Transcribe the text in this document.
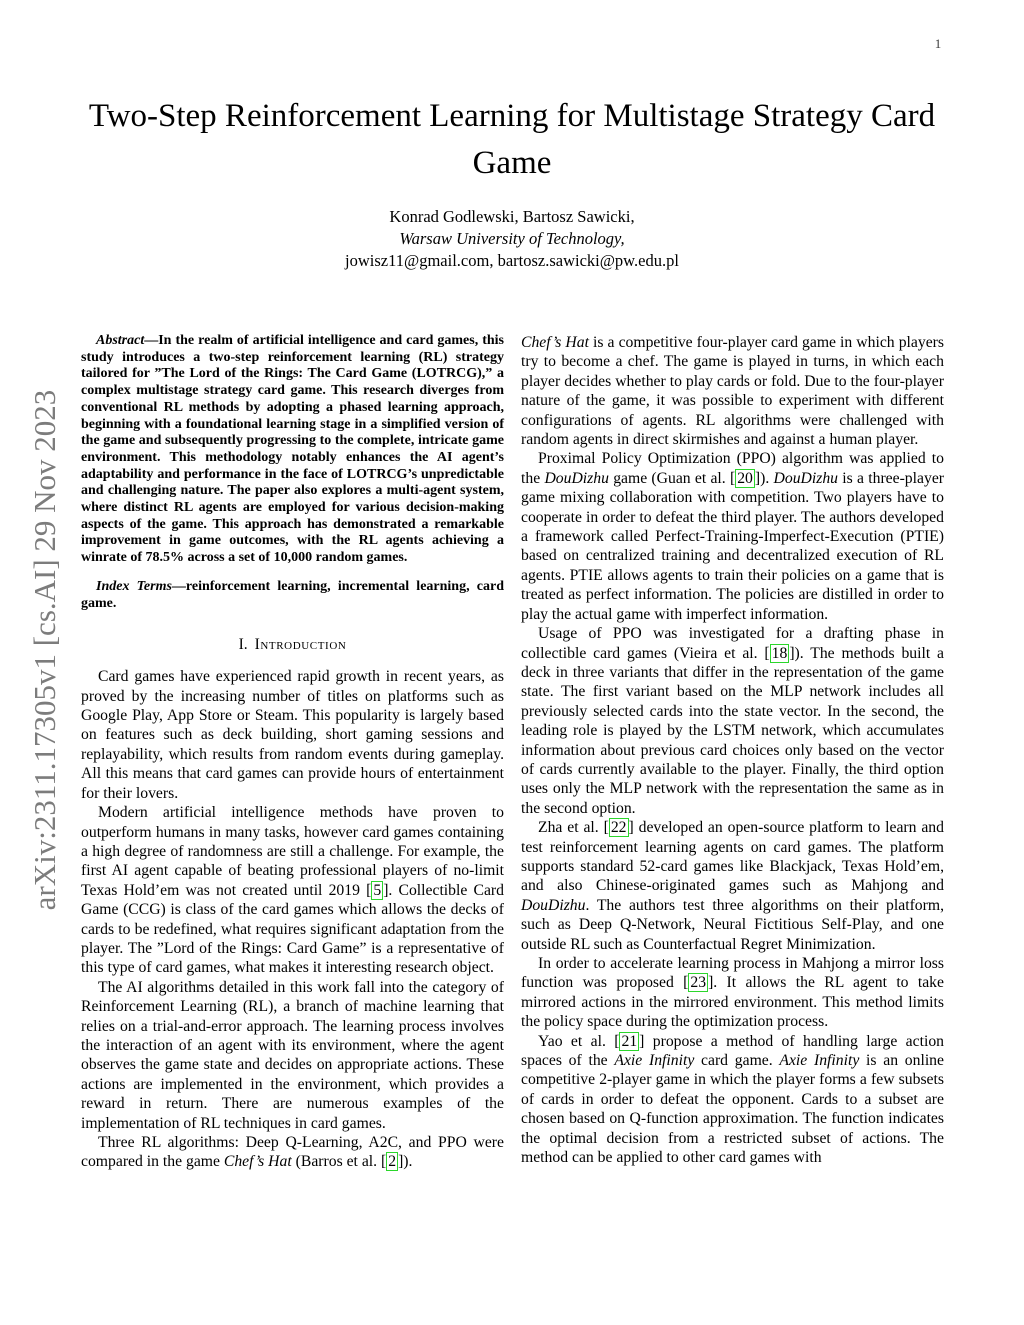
1
arXiv:2311.17305v1 [cs.AI] 29 Nov 2023
Two-Step Reinforcement Learning for Multistage Strategy Card Game
Konrad Godlewski, Bartosz Sawicki,
Warsaw University of Technology,
jowisz11@gmail.com, bartosz.sawicki@pw.edu.pl

Abstract—In the realm of artificial intelligence and card games, this study introduces a two-step reinforcement learning (RL) strategy tailored for ”The Lord of the Rings: The Card Game (LOTRCG),” a complex multistage strategy card game. This research diverges from conventional RL methods by adopting a phased learning approach, beginning with a foundational learning stage in a simplified version of the game and subsequently progressing to the complete, intricate game environment. This methodology notably enhances the AI agent’s adaptability and performance in the face of LOTRCG’s unpredictable and challenging nature. The paper also explores a multi-agent system, where distinct RL agents are employed for various decision-making aspects of the game. This approach has demonstrated a remarkable improvement in game outcomes, with the RL agents achieving a winrate of 78.5% across a set of 10,000 random games.

Index Terms—reinforcement learning, incremental learning, card game.

I. Introduction

Card games have experienced rapid growth in recent years, as proved by the increasing number of titles on platforms such as Google Play, App Store or Steam. This popularity is largely based on features such as deck building, short gaming sessions and replayability, which results from random events during gameplay. All this means that card games can provide hours of entertainment for their lovers.

Modern artificial intelligence methods have proven to outperform humans in many tasks, however card games containing a high degree of randomness are still a challenge. For example, the first AI agent capable of beating professional players of no-limit Texas Hold’em was not created until 2019 [ 5 ]. Collectible Card Game (CCG) is class of the card games which allows the decks of cards to be redefined, what requires significant adaptation from the player. The ”Lord of the Rings: Card Game” is a representative of this type of card games, what makes it interesting research object.

The AI algorithms detailed in this work fall into the category of Reinforcement Learning (RL), a branch of machine learning that relies on a trial-and-error approach. The learning process involves the interaction of an agent with its environment, where the agent observes the game state and decides on appropriate actions. These actions are implemented in the environment, which provides a reward in return. There are numerous examples of the implementation of RL techniques in card games.

Three RL algorithms: Deep Q-Learning, A2C, and PPO were compared in the game Chef’s Hat (Barros et al. [ 2 ]).

Chef’s Hat is a competitive four-player card game in which players try to become a chef. The game is played in turns, in which each player decides whether to play cards or fold. Due to the four-player nature of the game, it was possible to experiment with different configurations of agents. RL algorithms were challenged with random agents in direct skirmishes and against a human player.

Proximal Policy Optimization (PPO) algorithm was applied to the DouDizhu game (Guan et al. [ 20 ]). DouDizhu is a three-player game mixing collaboration with competition. Two players have to cooperate in order to defeat the third player. The authors developed a framework called Perfect-Training-Imperfect-Execution (PTIE) based on centralized training and decentralized execution of RL agents. PTIE allows agents to train their policies on a game that is treated as perfect information. The policies are distilled in order to play the actual game with imperfect information.

Usage of PPO was investigated for a drafting phase in collectible card games (Vieira et al. [ 18 ]). The methods built a deck in three variants that differ in the representation of the game state. The first variant based on the MLP network includes all previously selected cards into the state vector. In the second, the leading role is played by the LSTM network, which accumulates information about previous card choices only based on the vector of cards currently available to the player. Finally, the third option uses only the MLP network with the representation the same as in the second option.

Zha et al. [ 22 ] developed an open-source platform to learn and test reinforcement learning agents on card games. The platform supports standard 52-card games like Blackjack, Texas Hold’em, and also Chinese-originated games such as Mahjong and DouDizhu. The authors test three algorithms on their platform, such as Deep Q-Network, Neural Fictitious Self-Play, and one outside RL such as Counterfactual Regret Minimization.

In order to accelerate learning process in Mahjong a mirror loss function was proposed [ 23 ]. It allows the RL agent to take mirrored actions in the mirrored environment. This method limits the policy space during the optimization process.

Yao et al. [ 21 ] propose a method of handling large action spaces of the Axie Infinity card game. Axie Infinity is an online competitive 2-player game in which the player forms a few subsets of cards in order to defeat the opponent. Cards to a subset are chosen based on Q-function approximation. The function indicates the optimal decision from a restricted subset of actions. The method can be applied to other card games with
